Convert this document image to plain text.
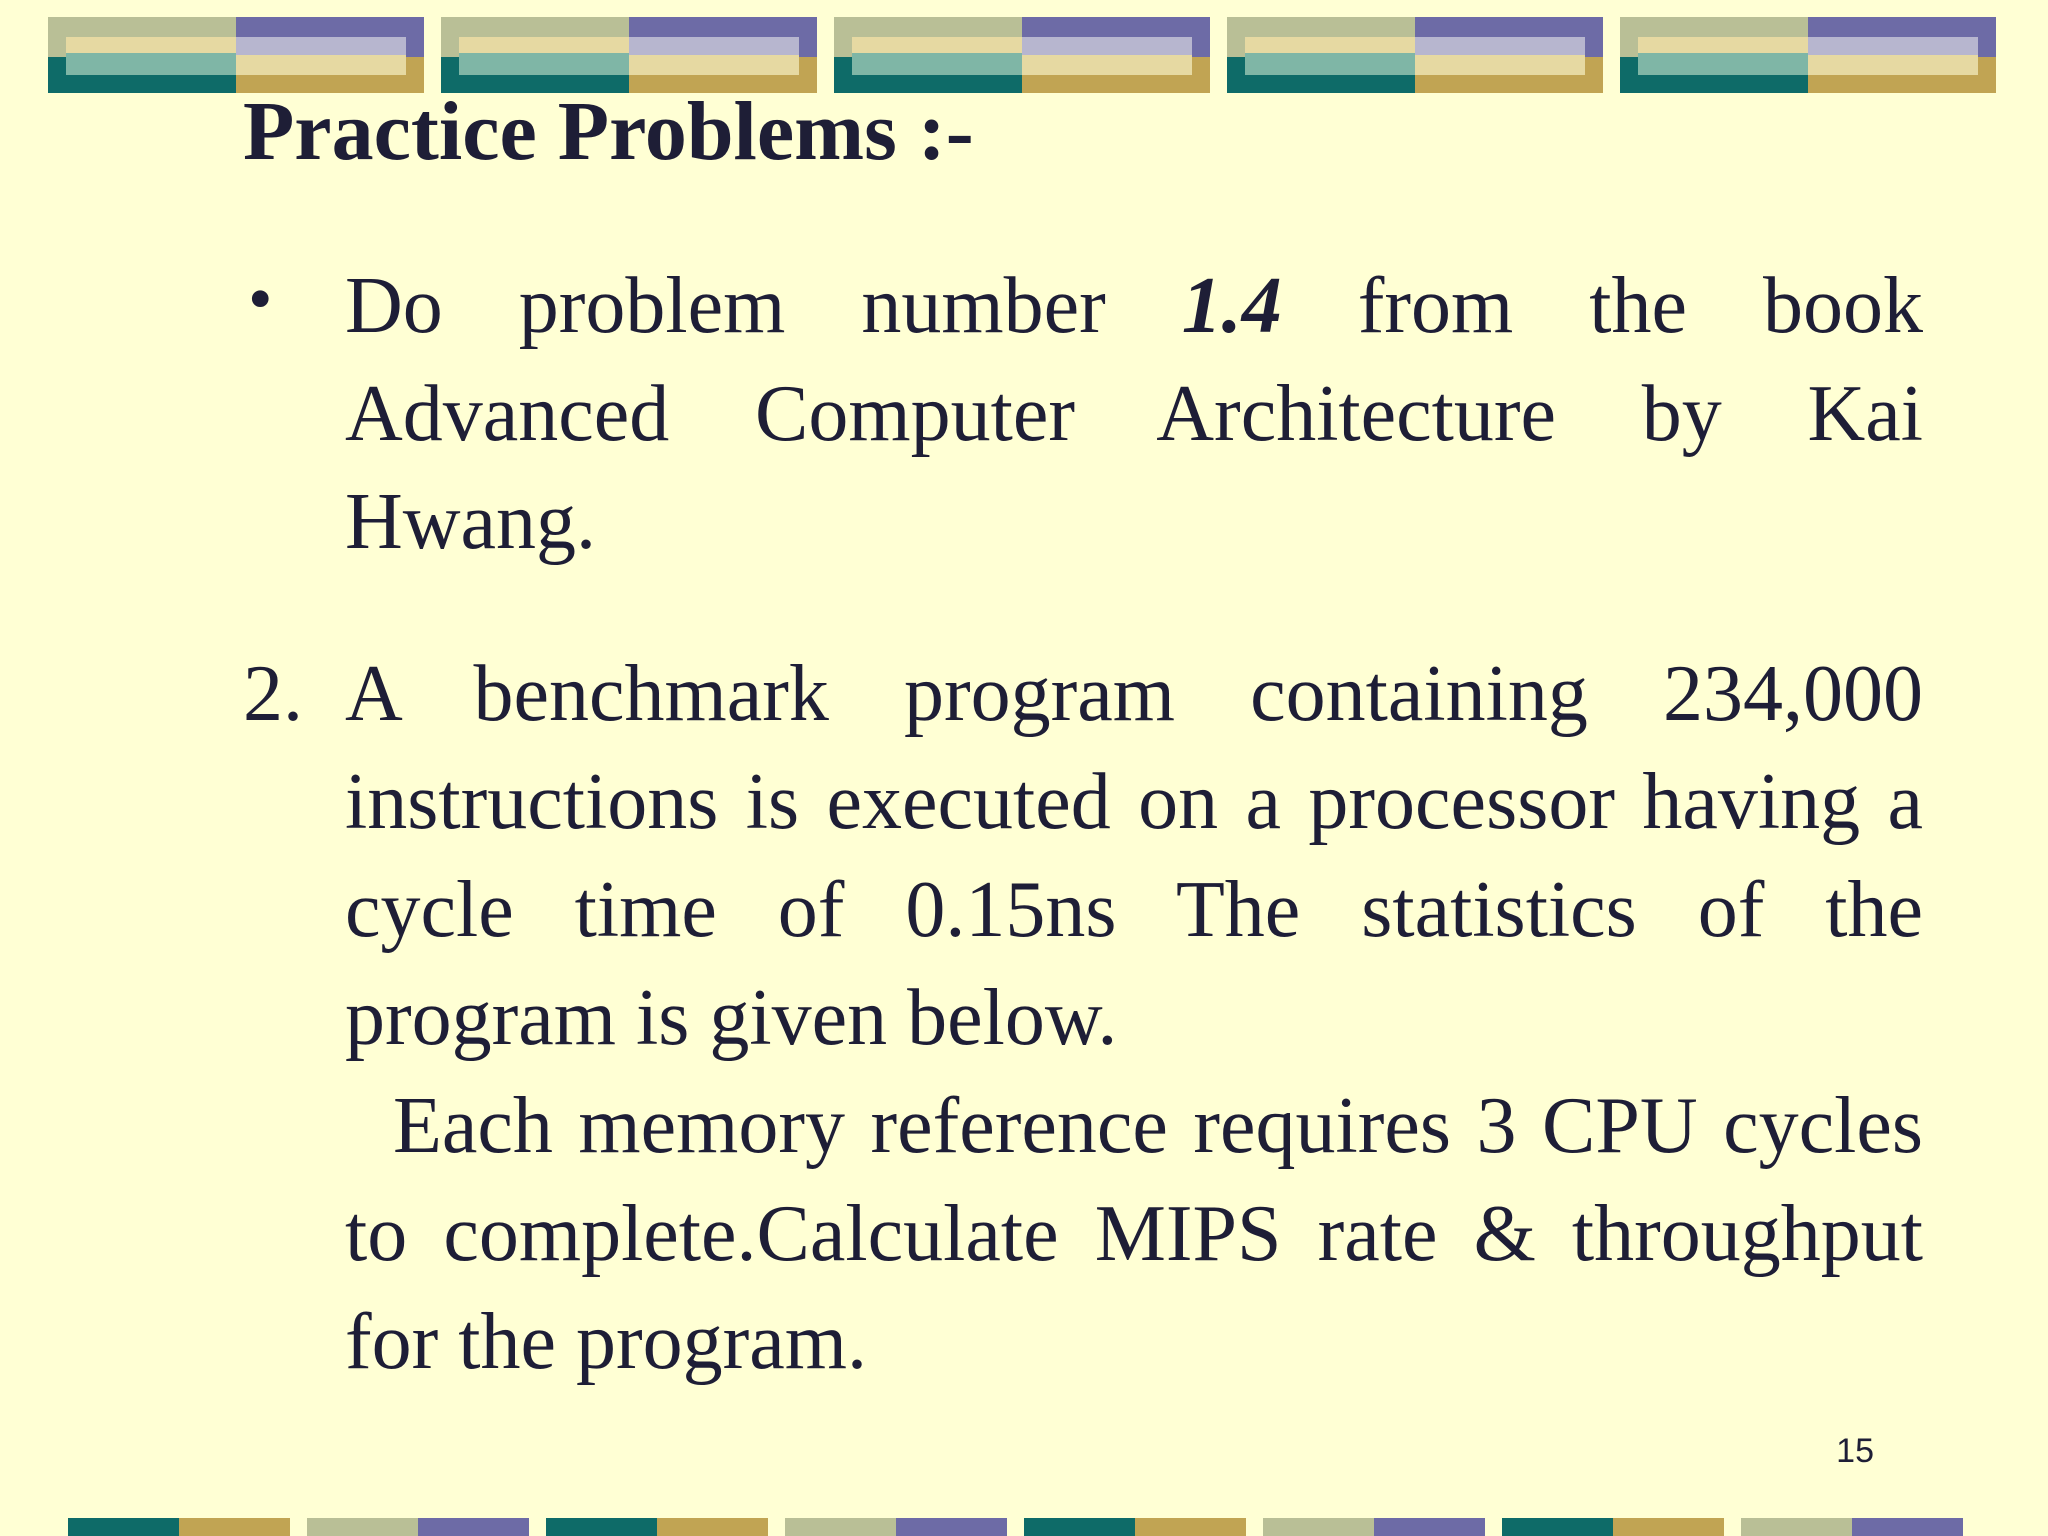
Practice Problems :-
• Do problem number 1.4 from the book Advanced Computer Architecture by Kai Hwang.

2. A benchmark program containing 234,000 instructions is executed on a processor having a cycle time of 0.15ns The statistics of the program is given below.
Each memory reference requires 3 CPU cycles to complete.Calculate MIPS rate & throughput for the program.

15
